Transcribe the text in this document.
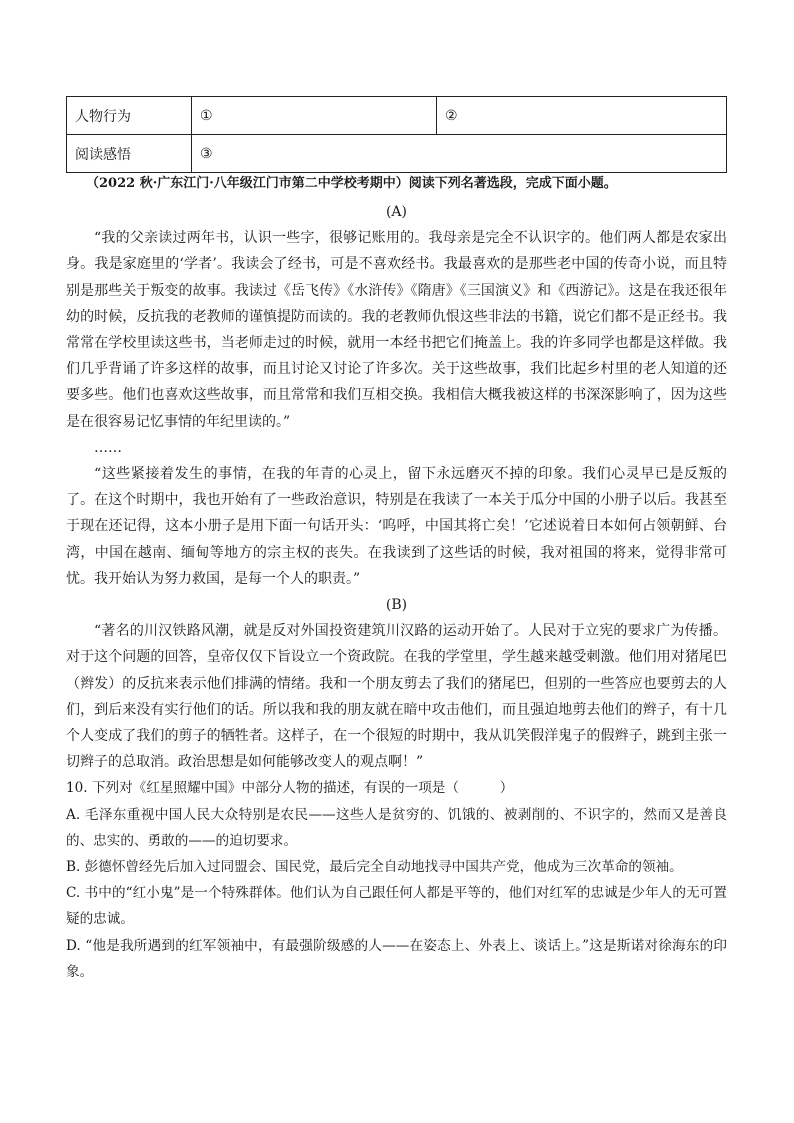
人物行为	①	②
阅读感悟	③	

（2022 秋·广东江门·八年级江门市第二中学校考期中）阅读下列名著选段，完成下面小题。

(A)

“我的父亲读过两年书，认识一些字，很够记账用的。我母亲是完全不认识字的。他们两人都是农家出身。我是家庭里的‘学者’。我读会了经书，可是不喜欢经书。我最喜欢的是那些老中国的传奇小说，而且特别是那些关于叛变的故事。我读过《岳飞传》《水浒传》《隋唐》《三国演义》和《西游记》。这是在我还很年幼的时候，反抗我的老教师的谨慎提防而读的。我的老教师仇恨这些非法的书籍，说它们都不是正经书。我常常在学校里读这些书，当老师走过的时候，就用一本经书把它们掩盖上。我的许多同学也都是这样做。我们几乎背诵了许多这样的故事，而且讨论又讨论了许多次。关于这些故事，我们比起乡村里的老人知道的还要多些。他们也喜欢这些故事，而且常常和我们互相交换。我相信大概我被这样的书深深影响了，因为这些是在很容易记忆事情的年纪里读的。”

……

“这些紧接着发生的事情，在我的年青的心灵上，留下永远磨灭不掉的印象。我们心灵早已是反叛的了。在这个时期中，我也开始有了一些政治意识，特别是在我读了一本关于瓜分中国的小册子以后。我甚至于现在还记得，这本小册子是用下面一句话开头：‘呜呼，中国其将亡矣！’它述说着日本如何占领朝鲜、台湾，中国在越南、缅甸等地方的宗主权的丧失。在我读到了这些话的时候，我对祖国的将来，觉得非常可忧。我开始认为努力救国，是每一个人的职责。”

(B)

“著名的川汉铁路风潮，就是反对外国投资建筑川汉路的运动开始了。人民对于立宪的要求广为传播。对于这个问题的回答，皇帝仅仅下旨设立一个资政院。在我的学堂里，学生越来越受刺激。他们用对猪尾巴（辫发）的反抗来表示他们排满的情绪。我和一个朋友剪去了我们的猪尾巴，但别的一些答应也要剪去的人们，到后来没有实行他们的话。所以我和我的朋友就在暗中攻击他们，而且强迫地剪去他们的辫子，有十几个人变成了我们的剪子的牺牲者。这样子，在一个很短的时期中，我从讥笑假洋鬼子的假辫子，跳到主张一切辫子的总取消。政治思想是如何能够改变人的观点啊！”

10. 下列对《红星照耀中国》中部分人物的描述，有误的一项是（　　　）

A. 毛泽东重视中国人民大众特别是农民——这些人是贫穷的、饥饿的、被剥削的、不识字的，然而又是善良的、忠实的、勇敢的——的迫切要求。

B. 彭德怀曾经先后加入过同盟会、国民党，最后完全自动地找寻中国共产党，他成为三次革命的领袖。

C. 书中的“红小鬼”是一个特殊群体。他们认为自己跟任何人都是平等的，他们对红军的忠诚是少年人的无可置疑的忠诚。

D. “他是我所遇到的红军领袖中，有最强阶级感的人——在姿态上、外表上、谈话上。”这是斯诺对徐海东的印象。
